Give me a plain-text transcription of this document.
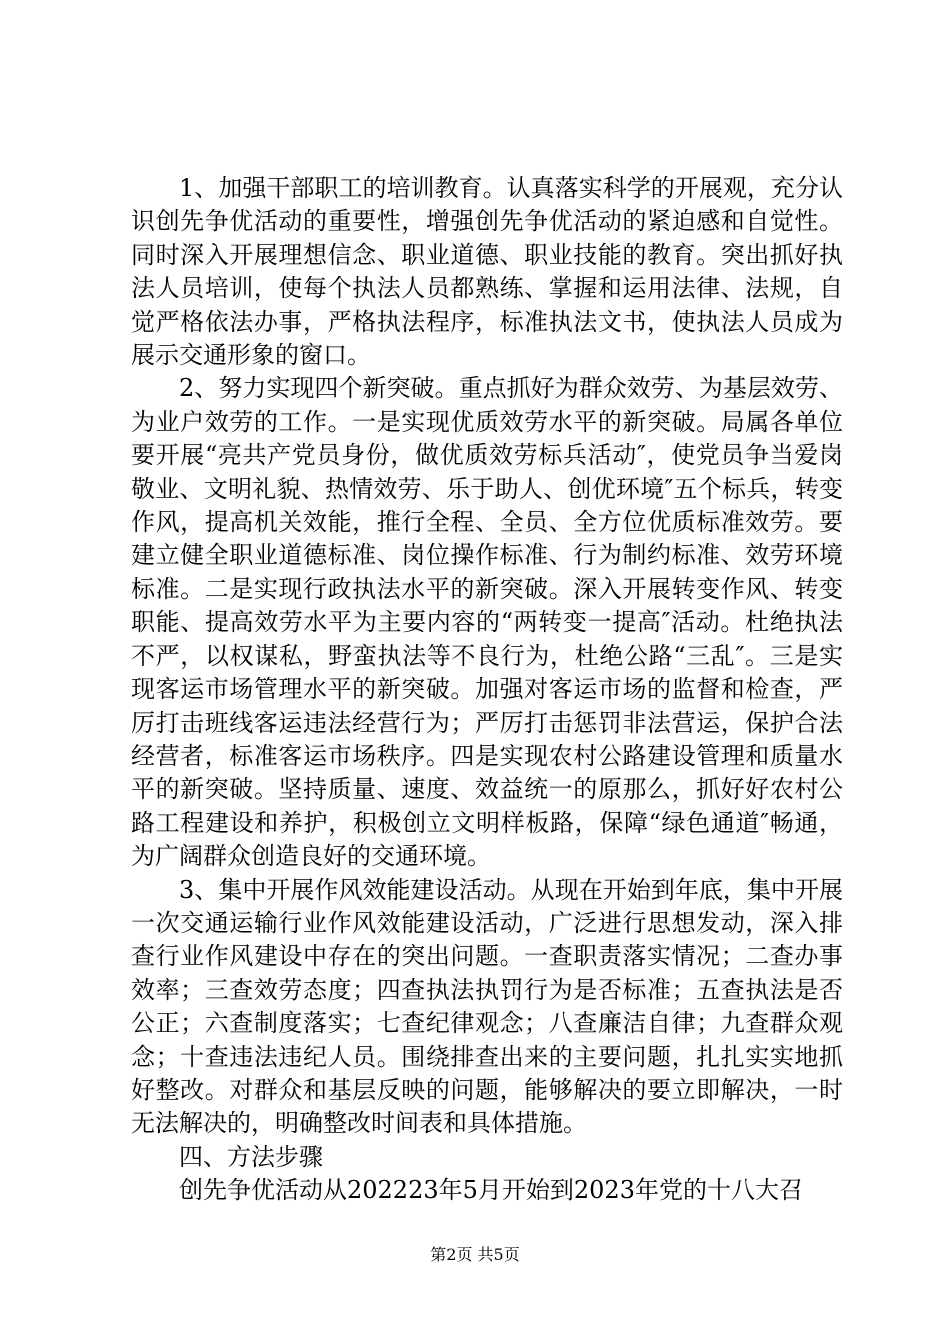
1、加强干部职工的培训教育。认真落实科学的开展观，充分认识创先争优活动的重要性，增强创先争优活动的紧迫感和自觉性。同时深入开展理想信念、职业道德、职业技能的教育。突出抓好执法人员培训，使每个执法人员都熟练、掌握和运用法律、法规，自觉严格依法办事，严格执法程序，标准执法文书，使执法人员成为展示交通形象的窗口。

2、努力实现四个新突破。重点抓好为群众效劳、为基层效劳、为业户效劳的工作。一是实现优质效劳水平的新突破。局属各单位要开展“亮共产党员身份，做优质效劳标兵活动″，使党员争当爱岗敬业、文明礼貌、热情效劳、乐于助人、创优环境″五个标兵，转变作风，提高机关效能，推行全程、全员、全方位优质标准效劳。要建立健全职业道德标准、岗位操作标准、行为制约标准、效劳环境标准。二是实现行政执法水平的新突破。深入开展转变作风、转变职能、提高效劳水平为主要内容的“两转变一提高″活动。杜绝执法不严，以权谋私，野蛮执法等不良行为，杜绝公路“三乱″。三是实现客运市场管理水平的新突破。加强对客运市场的监督和检查，严厉打击班线客运违法经营行为；严厉打击惩罚非法营运，保护合法经营者，标准客运市场秩序。四是实现农村公路建设管理和质量水平的新突破。坚持质量、速度、效益统一的原那么，抓好好农村公路工程建设和养护，积极创立文明样板路，保障“绿色通道″畅通，为广阔群众创造良好的交通环境。

3、集中开展作风效能建设活动。从现在开始到年底，集中开展一次交通运输行业作风效能建设活动，广泛进行思想发动，深入排查行业作风建设中存在的突出问题。一查职责落实情况；二查办事效率；三查效劳态度；四查执法执罚行为是否标准；五查执法是否公正；六查制度落实；七查纪律观念；八查廉洁自律；九查群众观念；十查违法违纪人员。围绕排查出来的主要问题，扎扎实实地抓好整改。对群众和基层反映的问题，能够解决的要立即解决，一时无法解决的，明确整改时间表和具体措施。

四、方法步骤

创先争优活动从202223年5月开始到2023年党的十八大召

第2页 共5页
